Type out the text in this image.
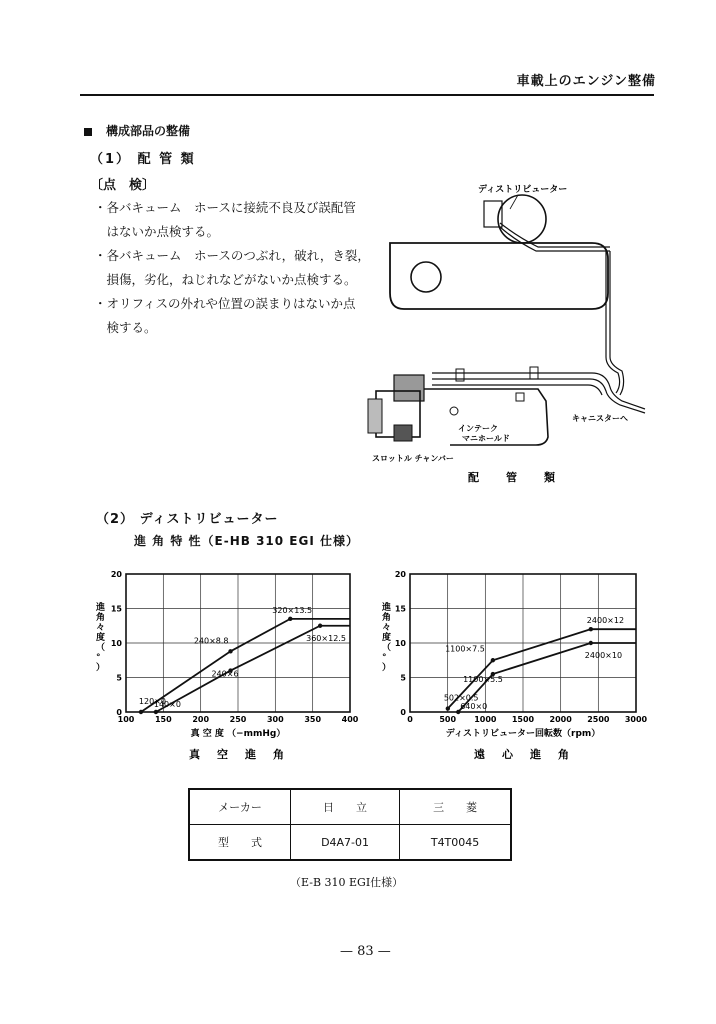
車載上のエンジン整備
構成部品の整備
（1） 配 管 類
〔点　検〕
・各バキューム　ホースに接続不良及び誤配管
　はないか点検する。
・各バキューム　ホースのつぶれ，破れ，き裂，
　損傷，劣化，ねじれなどがないか点検する。
・オリフィスの外れや位置の誤まりはないか点
　検する。
ディストリビューター
キャニスターへ
インテーク
マニホールド
スロットル チャンバー
配　管　類
（2） ディストリビューター
進 角 特 性（E-HB 310 EGI 仕様）
100	150	200	250	300	350	400
0
5
10
15
20
120×0
240×8.8
320×13.5
140×0
240×6
360×12.5
真 空 度 （−mmHg）
進角々度（°）
真　空　進　角
0	500 1000 1500 2000 2500 3000
0
5
10
15
20
502×0.5
1100×7.5
2400×12
640×0
1100×5.5
2400×10
ディストリビューター回転数（rpm）
進角々度（°）
遠　心　進　角
メーカー	日　　立	三　　菱
型　　式	D4A7-01	T4T0045
（E-B 310 EGI仕様）
— 83 —
